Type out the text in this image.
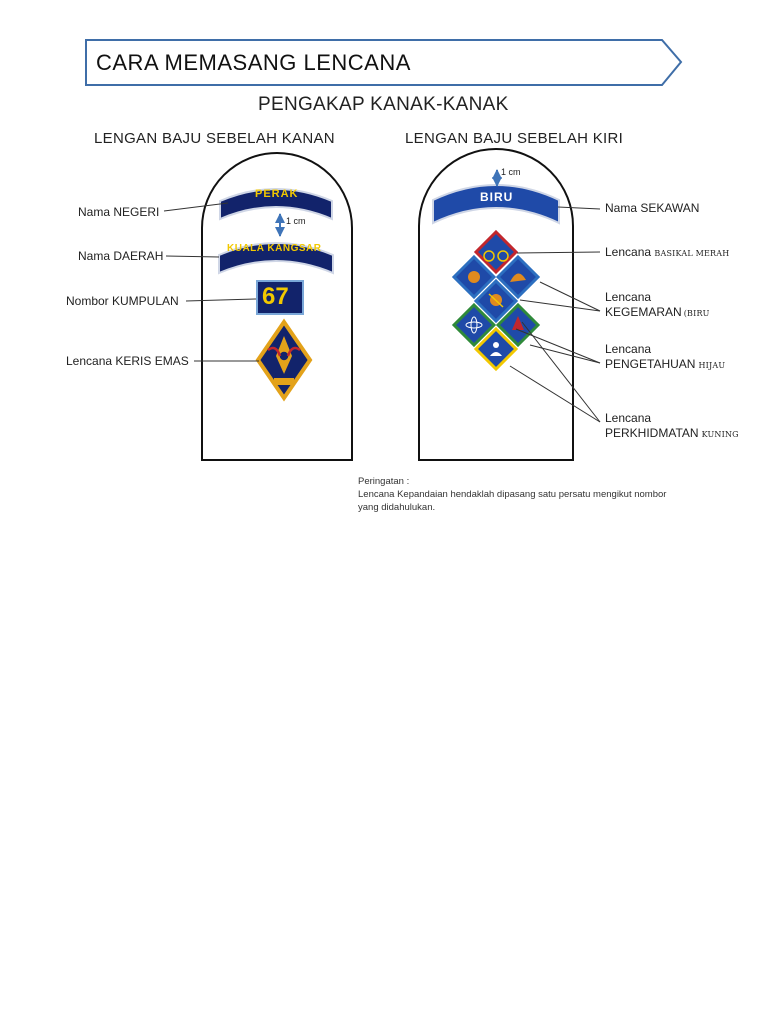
CARA MEMASANG LENCANA
PENGAKAP KANAK-KANAK
LENGAN BAJU SEBELAH KANAN	LENGAN BAJU SEBELAH KIRI
PERAK
KUALA KANGSAR
1 cm
67
EMAS
Nama NEGERI
Nama DAERAH
Nombor KUMPULAN
Lencana KERIS EMAS
BIRU
1 cm
Nama SEKAWAN
Lencana BASIKAL MERAH
Lencana
KEGEMARAN (BIRU
Lencana
PENGETAHUAN HIJAU
Lencana
PERKHIDMATAN KUNING
Peringatan :
Lencana Kepandaian hendaklah dipasang satu persatu mengikut nombor
yang didahulukan.
